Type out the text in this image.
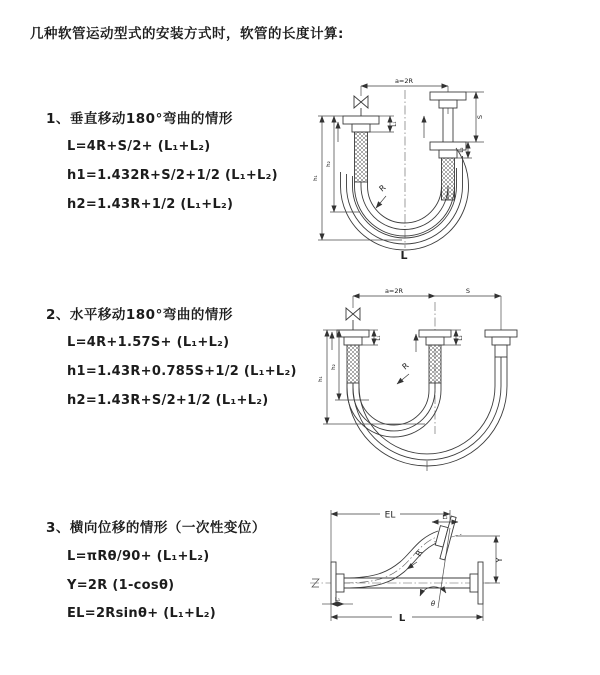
几种软管运动型式的安装方式时，软管的长度计算:
1、垂直移动180°弯曲的情形
L=4R+S/2+ (L₁+L₂)
h1=1.432R+S/2+1/2 (L₁+L₂)
h2=1.43R+1/2 (L₁+L₂)
2、水平移动180°弯曲的情形
L=4R+1.57S+ (L₁+L₂)
h1=1.43R+0.785S+1/2 (L₁+L₂)
h2=1.43R+S/2+1/2 (L₁+L₂)
3、横向位移的情形（一次性变位）
L=πRθ/90+ (L₁+L₂)
Y=2R (1-cosθ)
EL=2Rsinθ+ (L₁+L₂)
a=2R
L₁
S
L₂
h₂
h₁
R
L
a=2R	S
L₁	L₂
h₂
h₁
R
EL	L₂
Y
θ
R
L₁
L
